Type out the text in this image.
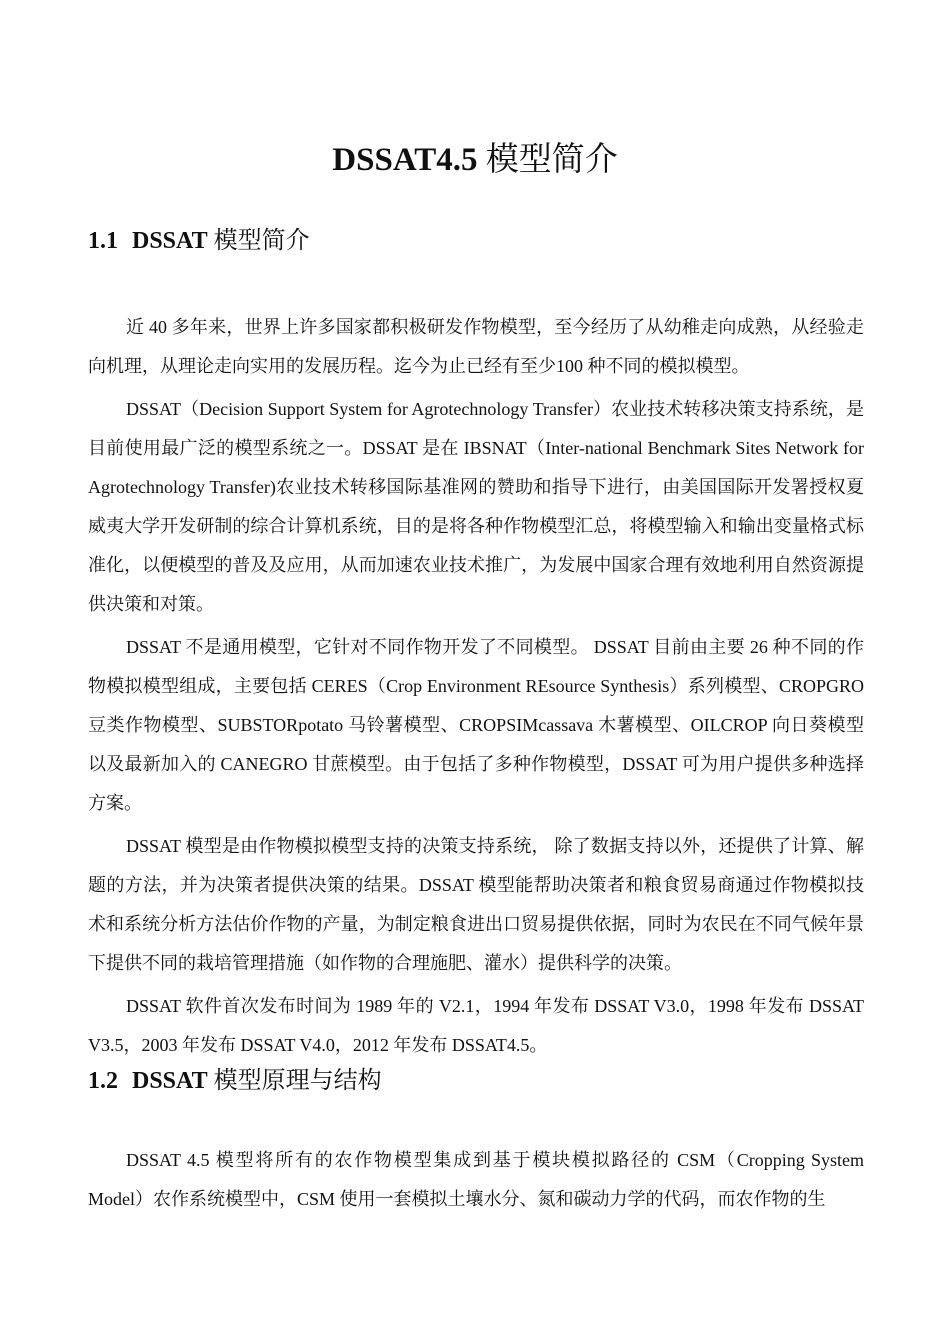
DSSAT4.5 模型简介
1.1 DSSAT 模型简介

近 40 多年来，世界上许多国家都积极研发作物模型，至今经历了从幼稚走向成熟，从经验走向机理，从理论走向实用的发展历程。迄今为止已经有至少100 种不同的模拟模型。

DSSAT（Decision Support System for Agrotechnology Transfer）农业技术转移决策支持系统，是目前使用最广泛的模型系统之一。DSSAT 是在 IBSNAT（Inter-national Benchmark Sites Network for Agrotechnology Transfer)农业技术转移国际基准网的赞助和指导下进行，由美国国际开发署授权夏威夷大学开发研制的综合计算机系统，目的是将各种作物模型汇总，将模型输入和输出变量格式标准化，以便模型的普及及应用，从而加速农业技术推广，为发展中国家合理有效地利用自然资源提供决策和对策。

DSSAT 不是通用模型，它针对不同作物开发了不同模型。 DSSAT 目前由主要 26 种不同的作物模拟模型组成，主要包括 CERES（Crop Environment REsource Synthesis）系列模型、CROPGRO 豆类作物模型、SUBSTORpotato 马铃薯模型、CROPSIMcassava 木薯模型、OILCROP 向日葵模型以及最新加入的 CANEGRO 甘蔗模型。由于包括了多种作物模型，DSSAT 可为用户提供多种选择方案。

DSSAT 模型是由作物模拟模型支持的决策支持系统， 除了数据支持以外，还提供了计算、解题的方法，并为决策者提供决策的结果。DSSAT 模型能帮助决策者和粮食贸易商通过作物模拟技术和系统分析方法估价作物的产量，为制定粮食进出口贸易提供依据，同时为农民在不同气候年景下提供不同的栽培管理措施（如作物的合理施肥、灌水）提供科学的决策。

DSSAT 软件首次发布时间为 1989 年的 V2.1，1994 年发布 DSSAT V3.0，1998 年发布 DSSAT V3.5，2003 年发布 DSSAT V4.0，2012 年发布 DSSAT4.5。

1.2 DSSAT 模型原理与结构

DSSAT 4.5 模型将所有的农作物模型集成到基于模块模拟路径的 CSM（Cropping System Model）农作系统模型中，CSM 使用一套模拟土壤水分、氮和碳动力学的代码，而农作物的生
